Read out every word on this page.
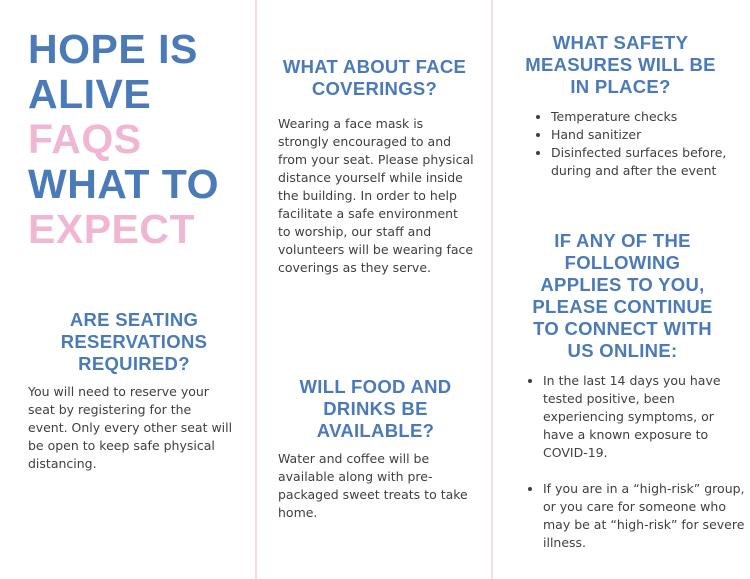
HOPE IS

ALIVE

FAQS

WHAT TO

EXPECT

ARE SEATING RESERVATIONS REQUIRED?

You will need to reserve your seat by registering for the event. Only every other seat will be open to keep safe physical distancing.

WHAT ABOUT FACE COVERINGS?

Wearing a face mask is strongly encouraged to and from your seat. Please physical distance yourself while inside the building. In order to help facilitate a safe environment to worship, our staff and volunteers will be wearing face coverings as they serve.

WILL FOOD AND DRINKS BE AVAILABLE?

Water and coffee will be available along with pre-packaged sweet treats to take home.

WHAT SAFETY MEASURES WILL BE IN PLACE?
• Temperature checks
• Hand sanitizer
• Disinfected surfaces before, during and after the event
IF ANY OF THE FOLLOWING APPLIES TO YOU, PLEASE CONTINUE TO CONNECT WITH US ONLINE:
• In the last 14 days you have tested positive, been experiencing symptoms, or have a known exposure to COVID-19.
• If you are in a “high-risk” group, or you care for someone who may be at “high-risk” for severe illness.
